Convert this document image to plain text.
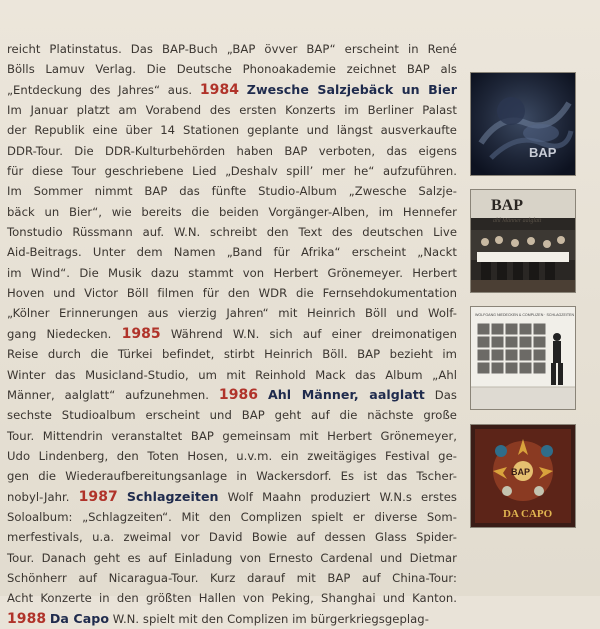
reicht Platinstatus. Das BAP-Buch „BAP övver BAP“ erscheint in René
Bölls Lamuv Verlag. Die Deutsche Phonoakademie zeichnet BAP als
„Entdeckung des Jahres“ aus. 1984 Zwesche Salzjebäck un Bier
Im Januar platzt am Vorabend des ersten Konzerts im Berliner Palast
der Republik eine über 14 Stationen geplante und längst ausverkaufte
DDR-Tour. Die DDR-Kulturbehörden haben BAP verboten, das eigens
für diese Tour geschriebene Lied „Deshalv spill’ mer he“ aufzuführen.
Im Sommer nimmt BAP das fünfte Studio-Album „Zwesche Salzje-
bäck un Bier“, wie bereits die beiden Vorgänger-Alben, im Hennefer
Tonstudio Rüssmann auf. W.N. schreibt den Text des deutschen Live
Aid-Beitrags. Unter dem Namen „Band für Afrika“ erscheint „Nackt
im Wind“. Die Musik dazu stammt von Herbert Grönemeyer. Herbert
Hoven und Victor Böll filmen für den WDR die Fernsehdokumentation
„Kölner Erinnerungen aus vierzig Jahren“ mit Heinrich Böll und Wolf-
gang Niedecken. 1985 Während W.N. sich auf einer dreimonatigen
Reise durch die Türkei befindet, stirbt Heinrich Böll. BAP bezieht im
Winter das Musicland-Studio, um mit Reinhold Mack das Album „Ahl
Männer, aalglatt“ aufzunehmen. 1986 Ahl Männer, aalglatt Das
sechste Studioalbum erscheint und BAP geht auf die nächste große
Tour. Mittendrin veranstaltet BAP gemeinsam mit Herbert Grönemeyer,
Udo Lindenberg, den Toten Hosen, u.v.m. ein zweitägiges Festival ge-
gen die Wiederaufbereitungsanlage in Wackersdorf. Es ist das Tscher-
nobyl-Jahr. 1987 Schlagzeiten Wolf Maahn produziert W.N.s erstes
Soloalbum: „Schlagzeiten“. Mit den Complizen spielt er diverse Som-
merfestivals, u.a. zweimal vor David Bowie auf dessen Glass Spider-
Tour. Danach geht es auf Einladung von Ernesto Cardenal und Dietmar
Schönherr auf Nicaragua-Tour. Kurz darauf mit BAP auf China-Tour:
Acht Konzerte in den größten Hallen von Peking, Shanghai und Kanton.
1988 Da Capo W.N. spielt mit den Complizen im bürgerkriegsgeplag-
BAP
BAP
ahl Männer aalglatt
WOLFGANG NIEDECKEN & COMPLIZEN · SCHLAGZEITEN
BAP
DA CAPO
